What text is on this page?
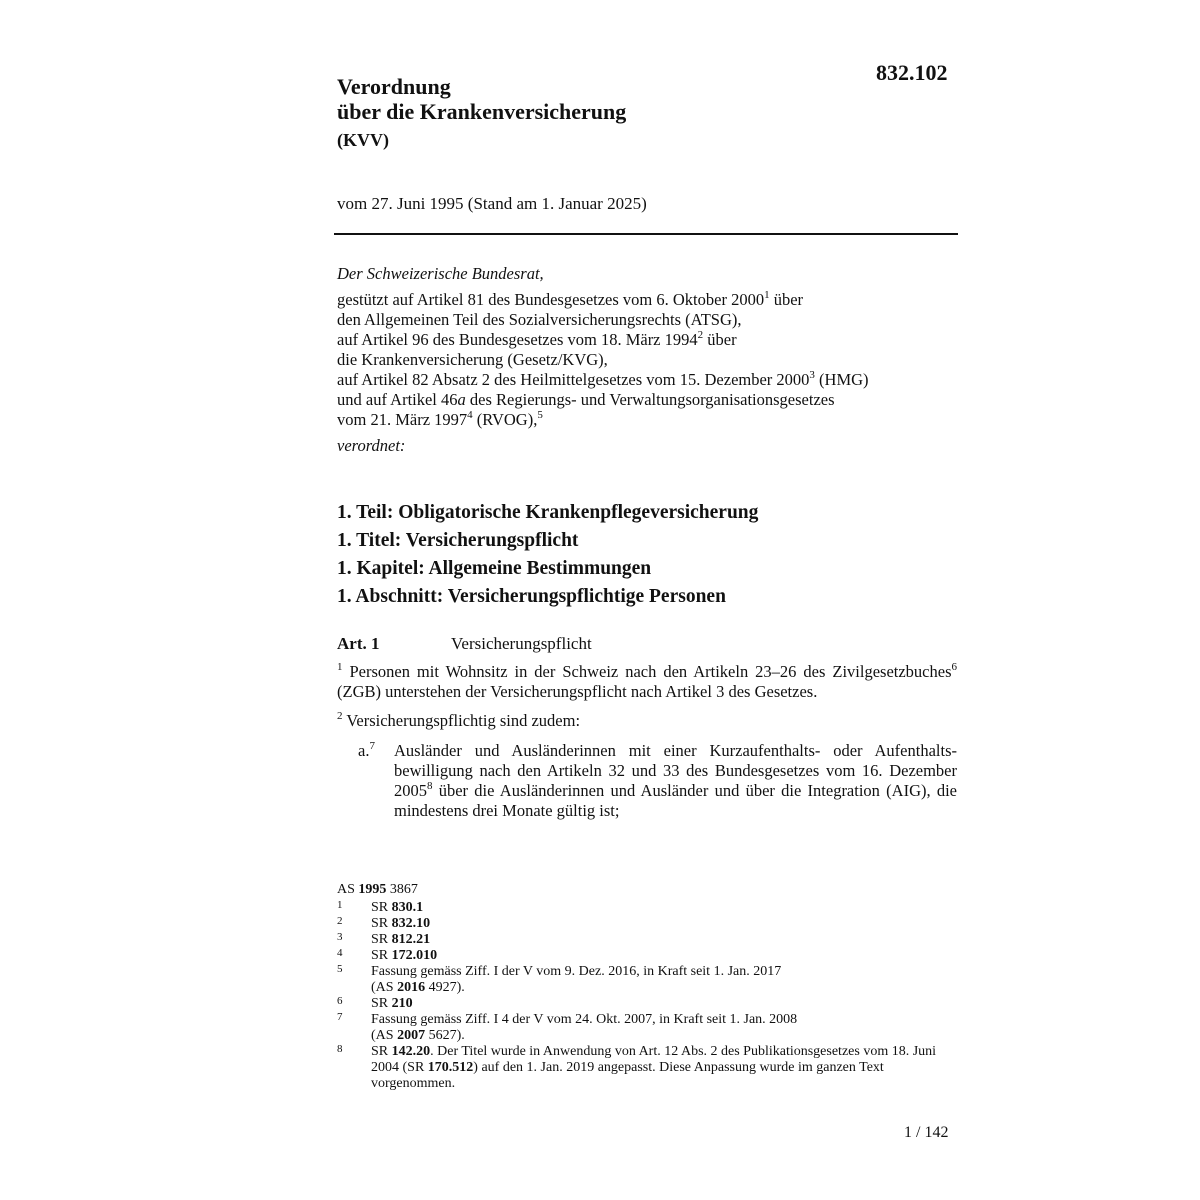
832.102
Verordnung
über die Krankenversicherung
(KVV)
vom 27. Juni 1995 (Stand am 1. Januar 2025)
Der Schweizerische Bundesrat,
gestützt auf Artikel 81 des Bundesgesetzes vom 6. Oktober 2000$^1$ über
den Allgemeinen Teil des Sozialversicherungsrechts (ATSG),
auf Artikel 96 des Bundesgesetzes vom 18. März 1994$^2$ über
die Krankenversicherung (Gesetz/KVG),
auf Artikel 82 Absatz 2 des Heilmittelgesetzes vom 15. Dezember 2000$^3$ (HMG)
und auf Artikel 46a des Regierungs- und Verwaltungsorganisationsgesetzes
vom 21. März 1997$^4$ (RVOG),$^5$
verordnet:
1. Teil: Obligatorische Krankenpflegeversicherung
1. Titel: Versicherungspflicht
1. Kapitel: Allgemeine Bestimmungen
1. Abschnitt: Versicherungspflichtige Personen
Art. 1	Versicherungspflicht

$^1$ Personen mit Wohnsitz in der Schweiz nach den Artikeln 23–26 des Zivilgesetzbuches$^6$ (ZGB) unterstehen der Versicherungspflicht nach Artikel 3 des Gesetzes.

$^2$ Versicherungspflichtig sind zudem:

a.$^7$ Ausländer und Ausländerinnen mit einer Kurzaufenthalts- oder Aufenthaltsbewilligung nach den Artikeln 32 und 33 des Bundesgesetzes vom 16. Dezember 2005$^8$ über die Ausländerinnen und Ausländer und über die Integration (AIG), die mindestens drei Monate gültig ist;
AS 1995 3867
1 SR 830.1
2 SR 832.10
3 SR 812.21
4 SR 172.010
5 Fassung gemäss Ziff. I der V vom 9. Dez. 2016, in Kraft seit 1. Jan. 2017
(AS 2016 4927).
6 SR 210
7 Fassung gemäss Ziff. I 4 der V vom 24. Okt. 2007, in Kraft seit 1. Jan. 2008
(AS 2007 5627).
8 SR 142.20. Der Titel wurde in Anwendung von Art. 12 Abs. 2 des Publikationsgesetzes vom 18. Juni 2004 (SR 170.512) auf den 1. Jan. 2019 angepasst. Diese Anpassung wurde im ganzen Text vorgenommen.
1 / 142
